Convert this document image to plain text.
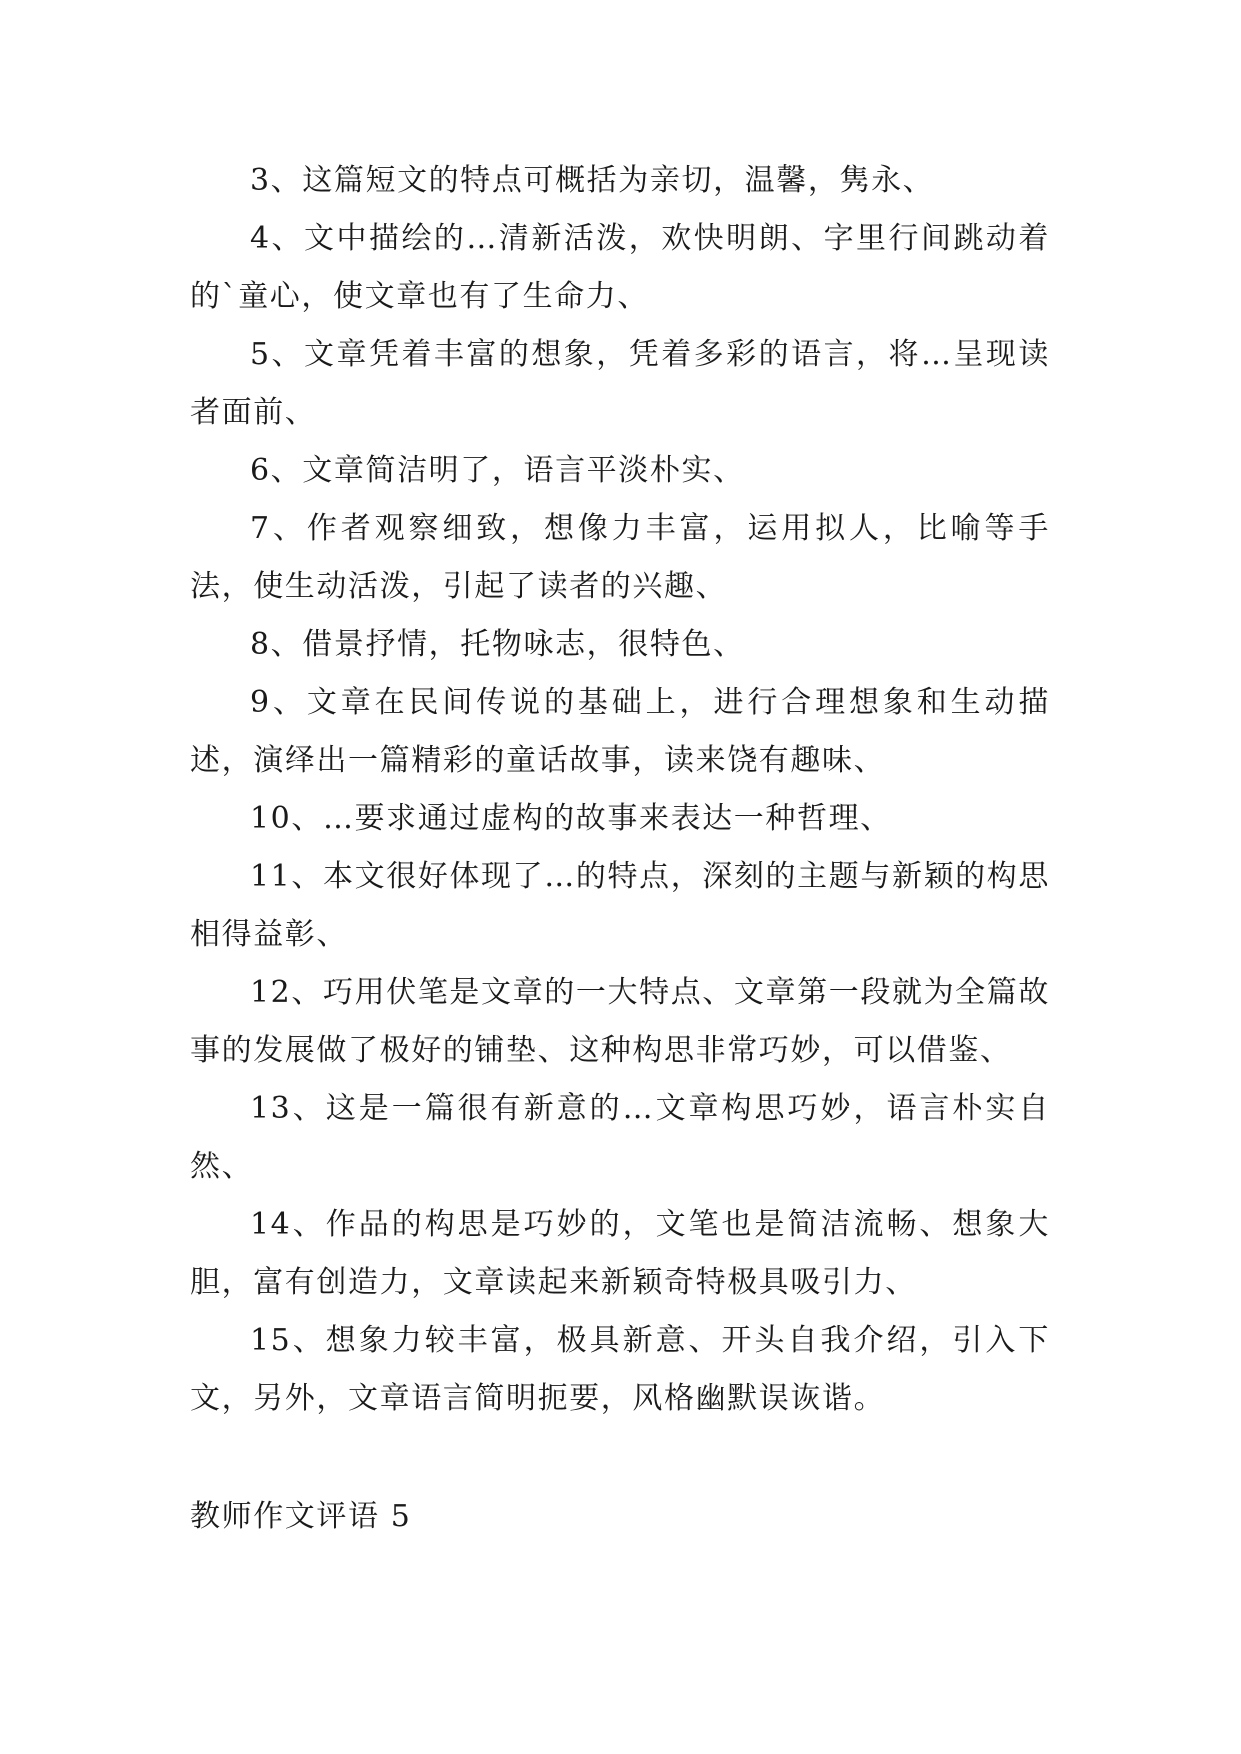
3、这篇短文的特点可概括为亲切，温馨，隽永、

4、文中描绘的…清新活泼，欢快明朗、字里行间跳动着的`童心，使文章也有了生命力、

5、文章凭着丰富的想象，凭着多彩的语言，将…呈现读者面前、

6、文章简洁明了，语言平淡朴实、

7、作者观察细致，想像力丰富，运用拟人，比喻等手法，使生动活泼，引起了读者的兴趣、

8、借景抒情，托物咏志，很特色、

9、文章在民间传说的基础上，进行合理想象和生动描述，演绎出一篇精彩的童话故事，读来饶有趣味、

10、…要求通过虚构的故事来表达一种哲理、

11、本文很好体现了…的特点，深刻的主题与新颖的构思相得益彰、

12、巧用伏笔是文章的一大特点、文章第一段就为全篇故事的发展做了极好的铺垫、这种构思非常巧妙，可以借鉴、

13、这是一篇很有新意的…文章构思巧妙，语言朴实自然、

14、作品的构思是巧妙的，文笔也是简洁流畅、想象大胆，富有创造力，文章读起来新颖奇特极具吸引力、

15、想象力较丰富，极具新意、开头自我介绍，引入下文，另外，文章语言简明扼要，风格幽默误诙谐。

教师作文评语 5
